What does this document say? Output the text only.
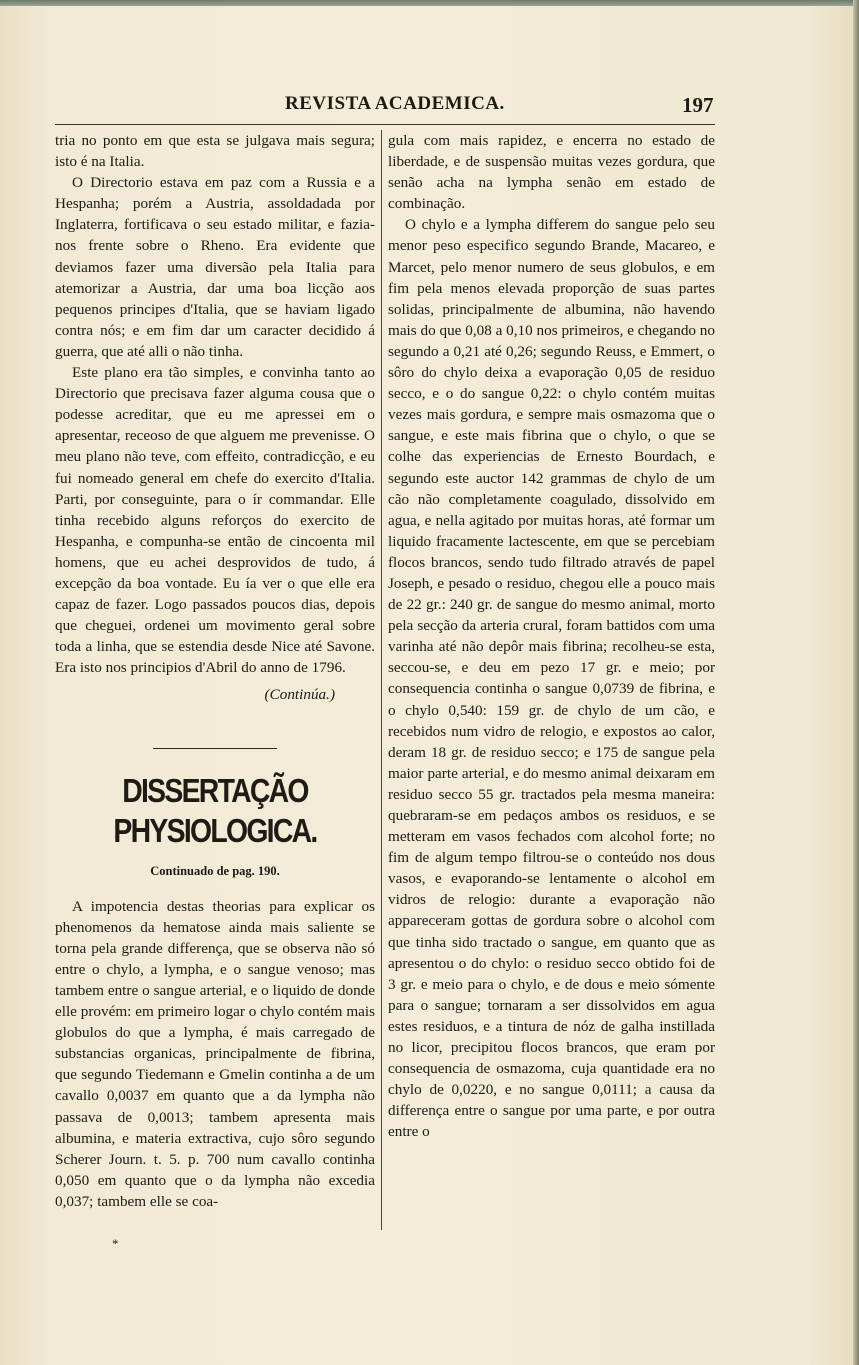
REVISTA ACADEMICA.	197

tria no ponto em que esta se julgava mais segura; isto é na Italia.

O Directorio estava em paz com a Russia e a Hespanha; porém a Austria, assoldadada por Inglaterra, fortificava o seu estado militar, e fazia-nos frente sobre o Rheno. Era evidente que deviamos fazer uma diversão pela Italia para atemorizar a Austria, dar uma boa licção aos pequenos principes d'Italia, que se haviam ligado contra nós; e em fim dar um caracter decidido á guerra, que até alli o não tinha.

Este plano era tão simples, e convinha tanto ao Directorio que precisava fazer alguma cousa que o podesse acreditar, que eu me apressei em o apresentar, receoso de que alguem me prevenisse. O meu plano não teve, com effeito, contradicção, e eu fui nomeado general em chefe do exercito d'Italia. Parti, por conseguinte, para o ír commandar. Elle tinha recebido alguns reforços do exercito de Hespanha, e compunha-se então de cincoenta mil homens, que eu achei desprovidos de tudo, á excepção da boa vontade. Eu ía ver o que elle era capaz de fazer. Logo passados poucos dias, depois que cheguei, ordenei um movimento geral sobre toda a linha, que se estendia desde Nice até Savone. Era isto nos principios d'Abril do anno de 1796.

(Continúa.)

DISSERTAÇÃO PHYSIOLOGICA.

Continuado de pag. 190.

A impotencia destas theorias para explicar os phenomenos da hematose ainda mais saliente se torna pela grande differença, que se observa não só entre o chylo, a lympha, e o sangue venoso; mas tambem entre o sangue arterial, e o liquido de donde elle provém: em primeiro logar o chylo contém mais globulos do que a lympha, é mais carregado de substancias organicas, principalmente de fibrina, que segundo Tiedemann e Gmelin continha a de um cavallo 0,0037 em quanto que a da lympha não passava de 0,0013; tambem apresenta mais albumina, e materia extractiva, cujo sôro segundo Scherer Journ. t. 5. p. 700 num cavallo continha 0,050 em quanto que o da lympha não excedia 0,037; tambem elle se coa-

gula com mais rapidez, e encerra no estado de liberdade, e de suspensão muitas vezes gordura, que senão acha na lympha senão em estado de combinação.

O chylo e a lympha differem do sangue pelo seu menor peso especifico segundo Brande, Macareo, e Marcet, pelo menor numero de seus globulos, e em fim pela menos elevada proporção de suas partes solidas, principalmente de albumina, não havendo mais do que 0,08 a 0,10 nos primeiros, e chegando no segundo a 0,21 até 0,26; segundo Reuss, e Emmert, o sôro do chylo deixa a evaporação 0,05 de residuo secco, e o do sangue 0,22: o chylo contém muitas vezes mais gordura, e sempre mais osmazoma que o sangue, e este mais fibrina que o chylo, o que se colhe das experiencias de Ernesto Bourdach, e segundo este auctor 142 grammas de chylo de um cão não completamente coagulado, dissolvido em agua, e nella agitado por muitas horas, até formar um liquido fracamente lactescente, em que se percebiam flocos brancos, sendo tudo filtrado através de papel Joseph, e pesado o residuo, chegou elle a pouco mais de 22 gr.: 240 gr. de sangue do mesmo animal, morto pela secção da arteria crural, foram battidos com uma varinha até não depôr mais fibrina; recolheu-se esta, seccou-se, e deu em pezo 17 gr. e meio; por consequencia continha o sangue 0,0739 de fibrina, e o chylo 0,540: 159 gr. de chylo de um cão, e recebidos num vidro de relogio, e expostos ao calor, deram 18 gr. de residuo secco; e 175 de sangue pela maior parte arterial, e do mesmo animal deixaram em residuo secco 55 gr. tractados pela mesma maneira: quebraram-se em pedaços ambos os residuos, e se metteram em vasos fechados com alcohol forte; no fim de algum tempo filtrou-se o conteúdo nos dous vasos, e evaporando-se lentamente o alcohol em vidros de relogio: durante a evaporação não appareceram gottas de gordura sobre o alcohol com que tinha sido tractado o sangue, em quanto que as apresentou o do chylo: o residuo secco obtido foi de 3 gr. e meio para o chylo, e de dous e meio sómente para o sangue; tornaram a ser dissolvidos em agua estes residuos, e a tintura de nóz de galha instillada no licor, precipitou flocos brancos, que eram por consequencia de osmazoma, cuja quantidade era no chylo de 0,0220, e no sangue 0,0111; a causa da differença entre o sangue por uma parte, e por outra entre o

*
